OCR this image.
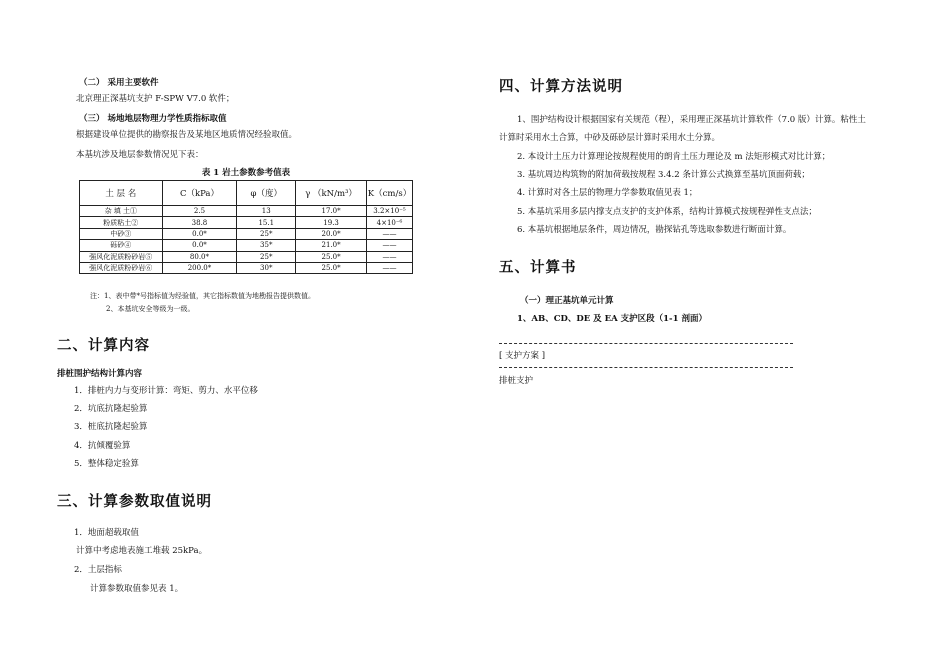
（二） 采用主要软件
北京理正深基坑支护 F-SPW V7.0 软件；
（三） 场地地层物理力学性质指标取值
根据建设单位提供的勘察报告及某地区地质情况经验取值。
本基坑涉及地层参数情况见下表：
表 1 岩土参数参考值表
土 层 名	C（kPa）	φ（度）	γ （kN/m³）	K（cm/s）
杂 填 土①	2.5	13	17.0*	3.2×10⁻⁵
粉质粘土②	38.8	15.1	19.3	4×10⁻⁶
中砂③	0.0*	25*	20.0*	——
砾砂④	0.0*	35*	21.0*	——
强风化泥质粉砂岩⑤	80.0*	25*	25.0*	——
强风化泥质粉砂岩⑥	200.0*	30*	25.0*	——
注：1、表中带*号指标值为经验值，其它指标数值为地勘报告提供数值。
2、本基坑安全等级为一级。
二、计算内容
排桩围护结构计算内容
1．排桩内力与变形计算：弯矩、剪力、水平位移
2．坑底抗隆起验算
3．桩底抗隆起验算
4．抗倾覆验算
5．整体稳定验算
三、计算参数取值说明
1．地面超载取值
计算中考虑地表施工堆载 25kPa。
2．土层指标
计算参数取值参见表 1。
四、计算方法说明
1、围护结构设计根据国家有关规范（程），采用理正深基坑计算软件（7.0 版）计算。粘性土
计算时采用水土合算，中砂及砾砂层计算时采用水土分算。
2. 本设计土压力计算理论按规程使用的朗肯土压力理论及 m 法矩形模式对比计算；
3. 基坑周边构筑物的附加荷载按规程 3.4.2 条计算公式换算至基坑顶面荷载；
4. 计算时对各土层的物理力学参数取值见表 1；
5. 本基坑采用多层内撑支点支护的支护体系，结构计算模式按规程弹性支点法；
6. 本基坑根据地层条件，周边情况，勘探钻孔等选取参数进行断面计算。
五、计算书
（一）理正基坑单元计算
1、AB、CD、DE 及 EA 支护区段（1-1 剖面）
[ 支护方案 ]
排桩支护
